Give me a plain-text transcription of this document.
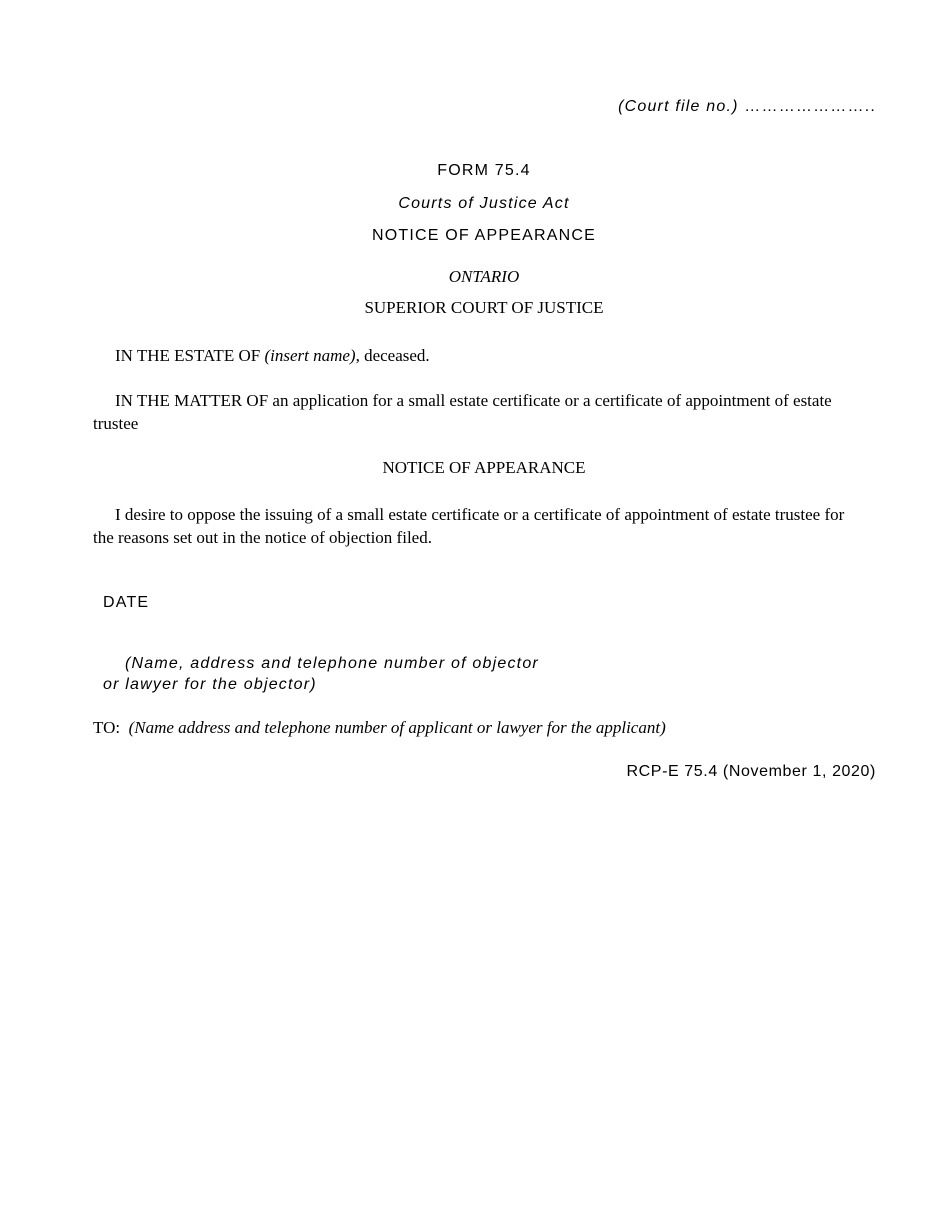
(Court file no.) …………………..
FORM 75.4
Courts of Justice Act
NOTICE OF APPEARANCE
ONTARIO
SUPERIOR COURT OF JUSTICE
IN THE ESTATE OF (insert name), deceased.
IN THE MATTER OF an application for a small estate certificate or a certificate of appointment of estate trustee
NOTICE OF APPEARANCE
I desire to oppose the issuing of a small estate certificate or a certificate of appointment of estate trustee for the reasons set out in the notice of objection filed.
DATE
(Name, address and telephone number of objector or lawyer for the objector)
TO: (Name address and telephone number of applicant or lawyer for the applicant)
RCP-E 75.4 (November 1, 2020)
